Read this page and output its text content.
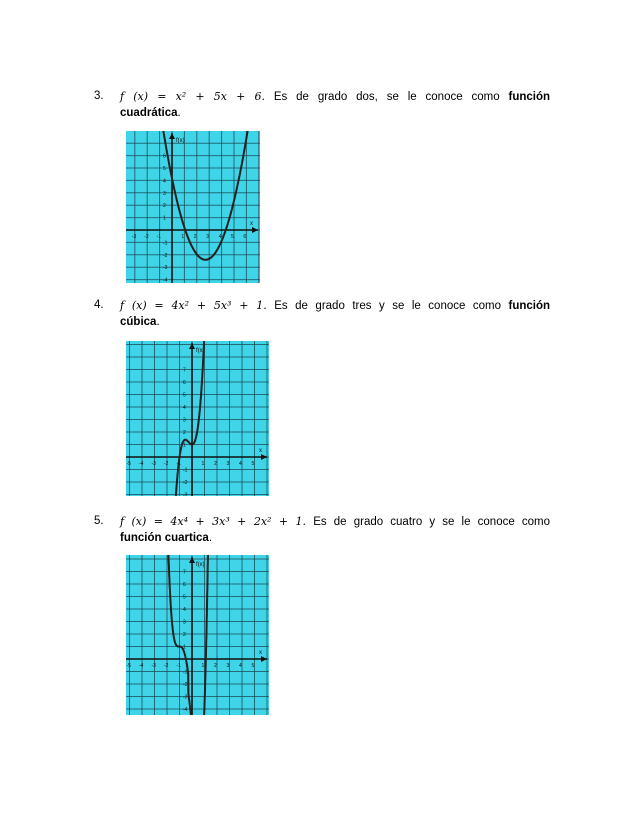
3. f (x) = x² + 5x + 6. Es de grado dos, se le conoce como función
cuadrática.
f(x)
x
-3 -2 -1	1 2 3 4 5 6
6
5
4
3
2
1
-1
-2
-3
-4
4. f (x) = 4x² + 5x³ + 1. Es de grado tres y se le conoce como función
cúbica.
f(x)
x
-5 -4 -3 -2 -1	1 2 3 4 5
7
6
5
4
3
2
1
-1
-2
-3
5. f (x) = 4x⁴ + 3x³ + 2x² + 1. Es de grado cuatro y se le conoce como
función cuartica.
f(x)
x
-5 -4 -3 -2 -1	1 2 3 4 5
7
6
5
4
3
2
1
-1
-2
-3
-4
